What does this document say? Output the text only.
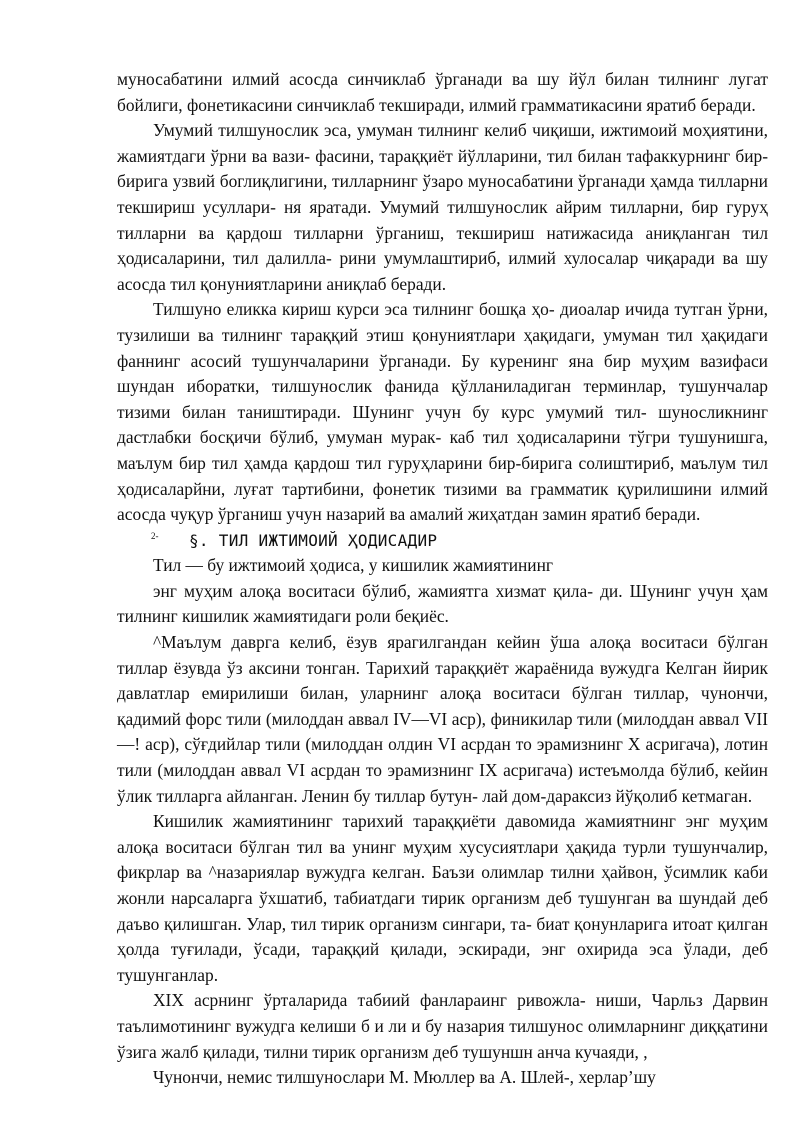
муносабатини илмий асосда синчиклаб ўрганади ва шу йўл билан тилнинг лугат бойлиги, фонетикасини синчиклаб текширади, илмий грамматикасини яратиб беради.

Умумий тилшунослик эса, умуман тилнинг келиб чиқиши, ижтимоий моҳиятини, жамиятдаги ўрни ва вази- фасини, тараққиёт йўлларини, тил билан тафаккурнинг бир-бирига узвий боглиқлигини, тилларнинг ўзаро муносабатини ўрганади ҳамда тилларни текшириш усуллари- ня яратади. Умумий тилшунослик айрим тилларни, бир гуруҳ тилларни ва қардош тилларни ўрганиш, текшириш натижасида аниқланган тил ҳодисаларини, тил далилла- рини умумлаштириб, илмий хулосалар чиқаради ва шу асосда тил қонуниятларини аниқлаб беради.

Тилшуно еликка кириш курси эса тилнинг бошқа ҳо- диоалар ичида тутган ўрни, тузилиши ва тилнинг тараққий этиш қонуниятлари ҳақидаги, умуман тил ҳақидаги фаннинг асосий тушунчаларини ўрганади. Бу куренинг яна бир муҳим вазифаси шундан иборатки, тилшунослик фанида қўлланиладиган терминлар, тушунчалар тизими билан таништиради. Шунинг учун бу курс умумий тил- шуносликнинг дастлабки босқичи бўлиб, умуман мурак- каб тил ҳодисаларини тўгри тушунишга, маълум бир тил ҳамда қардош тил гуруҳларини бир-бирига солиштириб, маълум тил ҳодисаларйни, луғат тартибини, фонетик тизими ва грамматик қурилишини илмий асосда чуқур ўрганиш учун назарий ва амалий жиҳатдан замин яратиб беради.

2- §. ТИЛ ИЖТИМОИЙ ҲОДИСАДИР

Тил — бу ижтимоий ҳодиса, у кишилик жамиятининг

энг муҳим алоқа воситаси бўлиб, жамиятга хизмат қила- ди. Шунинг учун ҳам тилнинг кишилик жамиятидаги роли беқиёс.

^Маълум даврга келиб, ёзув ярагилгандан кейин ўша алоқа воситаси бўлган тиллар ёзувда ўз аксини тонган. Тарихий тараққиёт жараёнида вужудга Келган йирик давлатлар емирилиши билан, уларнинг алоқа воситаси бўлган тиллар, чунончи, қадимий форс тили (милоддан аввал IV—VI аср), финикилар тили (милоддан аввал VII—! аср), сўғдийлар тили (милоддан олдин VI асрдан то эрамизнинг X асригача), лотин тили (милоддан аввал VI асрдан то эрамизнинг IX асригача) истеъмолда бўлиб, кейин ўлик тилларга айланган. Ленин бу тиллар бутун- лай дом-дараксиз йўқолиб кетмаган.

Кишилик жамиятининг тарихий тараққиёти давомида жамиятнинг энг муҳим алоқа воситаси бўлган тил ва унинг муҳим хусусиятлари ҳақида турли тушунчалир, фикрлар ва ^назариялар вужудга келган. Баъзи олимлар тилни ҳайвон, ўсимлик каби жонли нарсаларга ўхшатиб, табиатдаги тирик организм деб тушунган ва шундай деб даъво қилишган. Улар, тил тирик организм сингари, та- биат қонунларига итоат қилган ҳолда туғилади, ўсади, тараққий қилади, эскиради, энг охирида эса ўлади, деб тушунганлар.

XIX асрнинг ўрталарида табиий фанлараинг ривожла- ниши, Чарльз Дарвин таълимотининг вужудга келиши б и ли и бу назария тилшунос олимларнинг диққатини ўзига жалб қилади, тилни тирик организм деб тушуншн анча кучаяди, ,

Чунончи, немис тилшунослари М. Мюллер ва А. Шлей-, херлар’шу
